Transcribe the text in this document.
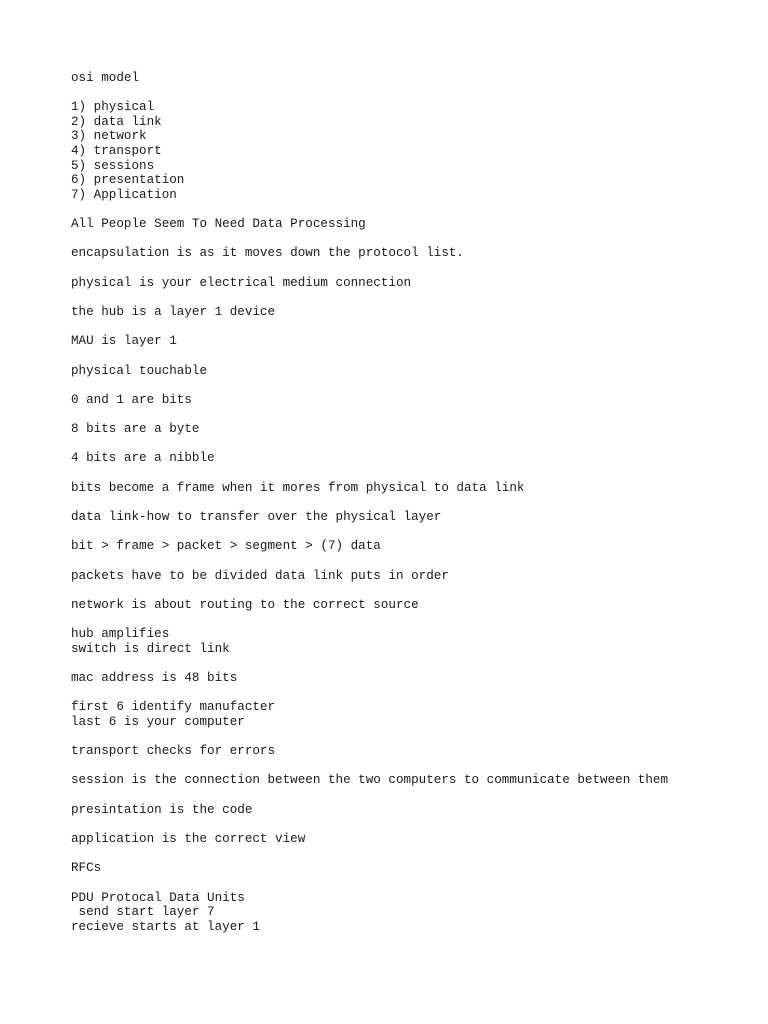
osi model
1) physical
2) data link
3) network
4) transport
5) sessions
6) presentation
7) Application
All People Seem To Need Data Processing
encapsulation is as it moves down the protocol list.
physical is your electrical medium connection
the hub is a layer 1 device
MAU is layer 1
physical touchable
0 and 1 are bits
8 bits are a byte
4 bits are a nibble
bits become a frame when it mores from physical to data link
data link-how to transfer over the physical layer
bit > frame > packet > segment > (7) data
packets have to be divided data link puts in order
network is about routing to the correct source
hub amplifies
switch is direct link
mac address is 48 bits
first 6 identify manufacter
last 6 is your computer
transport checks for errors
session is the connection between the two computers to communicate between them
presintation is the code
application is the correct view
RFCs
PDU Protocal Data Units
send start layer 7
recieve starts at layer 1
